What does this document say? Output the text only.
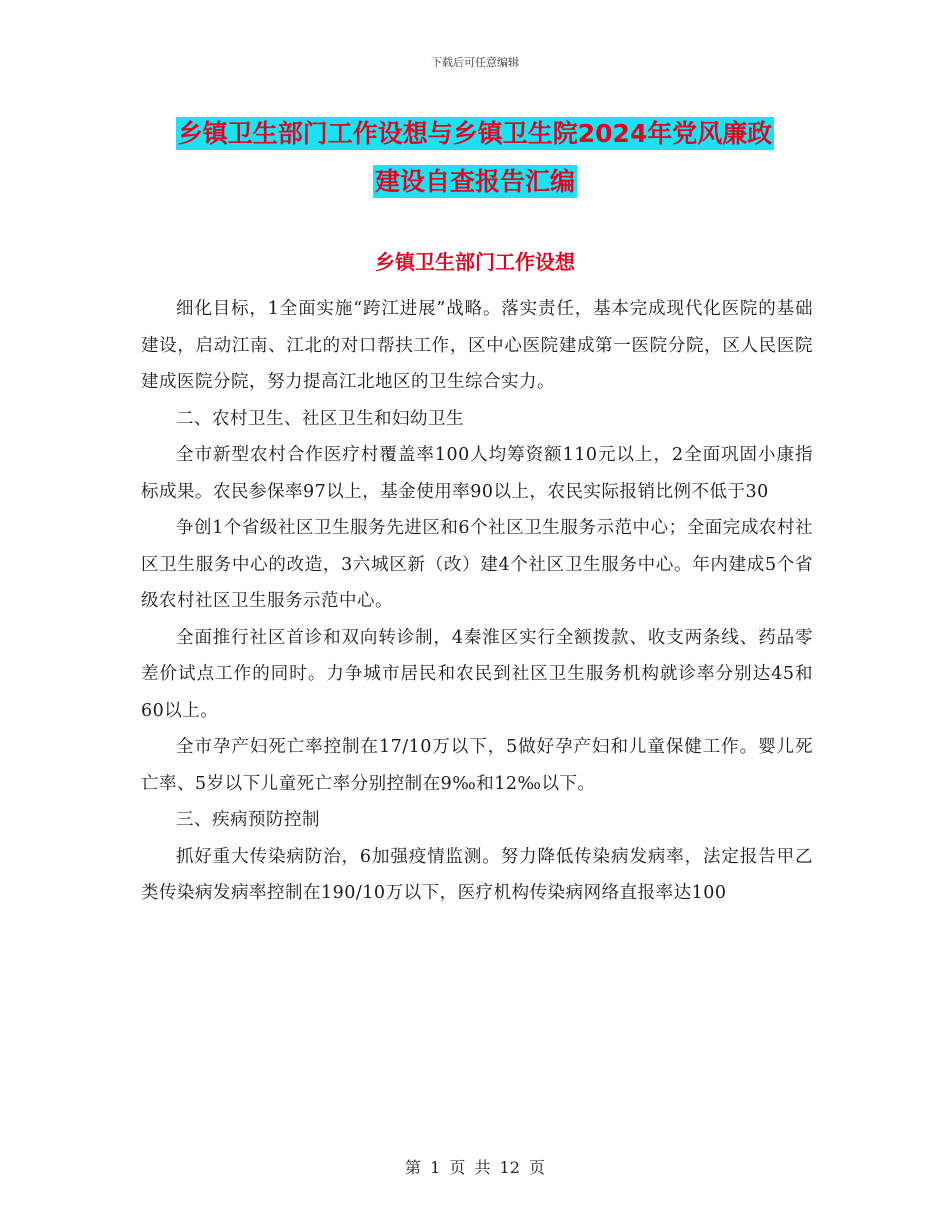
下载后可任意编辑
乡镇卫生部门工作设想与乡镇卫生院2024年党风廉政
建设自查报告汇编
乡镇卫生部门工作设想

细化目标，1全面实施“跨江进展”战略。落实责任，基本完成现代化医院的基础建设，启动江南、江北的对口帮扶工作，区中心医院建成第一医院分院，区人民医院建成医院分院，努力提高江北地区的卫生综合实力。

二、农村卫生、社区卫生和妇幼卫生

全市新型农村合作医疗村覆盖率100人均筹资额110元以上，2全面巩固小康指标成果。农民参保率97以上，基金使用率90以上，农民实际报销比例不低于30

争创1个省级社区卫生服务先进区和6个社区卫生服务示范中心；全面完成农村社区卫生服务中心的改造，3六城区新（改）建4个社区卫生服务中心。年内建成5个省级农村社区卫生服务示范中心。

全面推行社区首诊和双向转诊制，4秦淮区实行全额拨款、收支两条线、药品零差价试点工作的同时。力争城市居民和农民到社区卫生服务机构就诊率分别达45和60以上。

全市孕产妇死亡率控制在17/10万以下，5做好孕产妇和儿童保健工作。婴儿死亡率、5岁以下儿童死亡率分别控制在9‰和12‰以下。

三、疾病预防控制

抓好重大传染病防治，6加强疫情监测。努力降低传染病发病率，法定报告甲乙类传染病发病率控制在190/10万以下，医疗机构传染病网络直报率达100

第 1 页 共 12 页
